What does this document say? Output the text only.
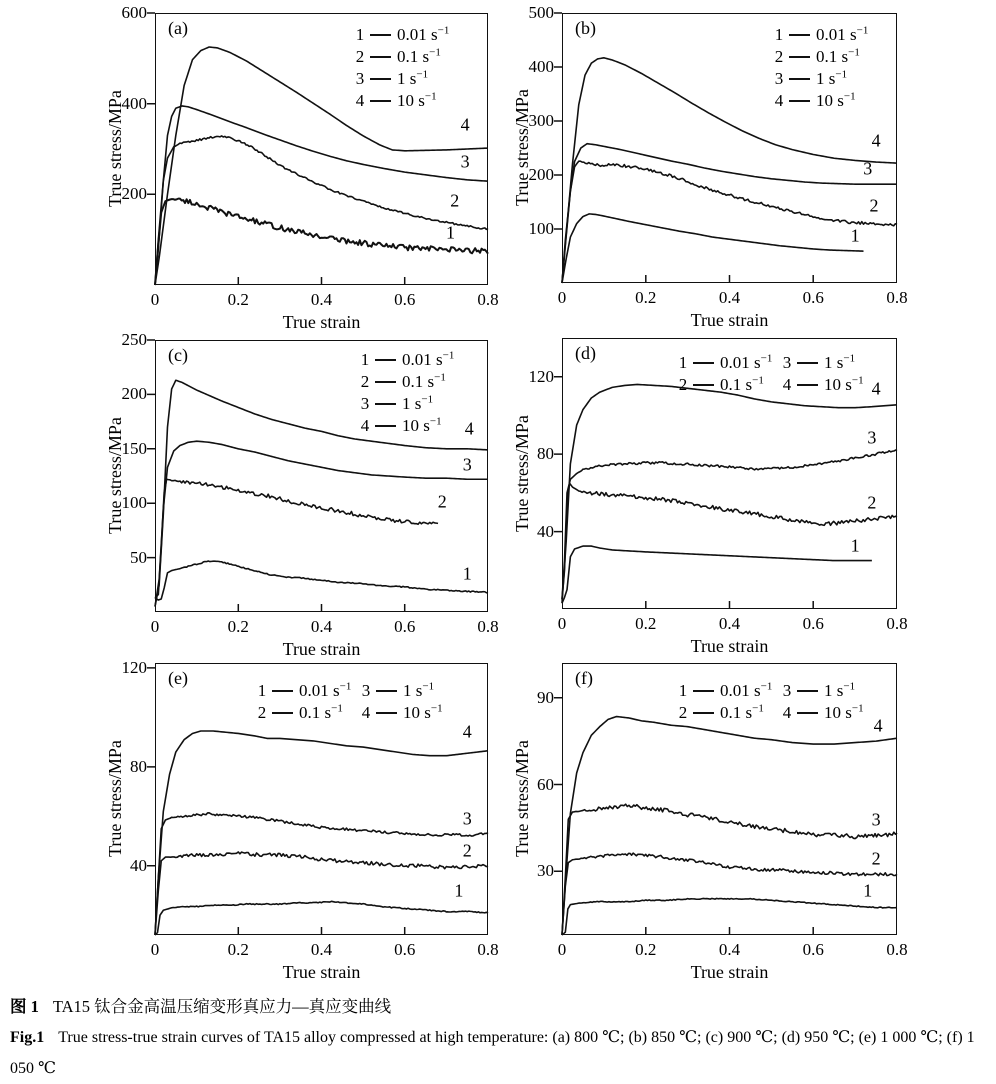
200
400
600
0	0.2	0.4	0.6	0.8
True strain
True stress/MPa
(a)	1 0.01 $s^{-1}$
2 0.1 $s^{-1}$
3 1 $s^{-1}$
4 10 $s^{-1}$
1
2
3
4
100
200
300
400
500
0	0.2	0.4	0.6	0.8
True strain
True stress/MPa
(b)	1 0.01 $s^{-1}$
2 0.1 $s^{-1}$
3 1 $s^{-1}$
4 10 $s^{-1}$
1
2
3
4
50
100
150
200
250
0	0.2	0.4	0.6	0.8
True strain
True stress/MPa
(c)	1 0.01 $s^{-1}$
2 0.1 $s^{-1}$
3 1 $s^{-1}$
4 10 $s^{-1}$
1
2
3
4
40
80
120
0	0.2	0.4	0.6	0.8
True strain
True stress/MPa
(d)	1 0.01 $s^{-1}$
2 0.1 $s^{-1}$
3 1 $s^{-1}$
4 10 $s^{-1}$
1
2
3
4
40
80
120
0	0.2	0.4	0.6	0.8
True strain
True stress/MPa
(e)
1 0.01 $s^{-1}$
2 0.1 $s^{-1}$
3 1 $s^{-1}$
4 10 $s^{-1}$
1
2
3
4
30
60
90
0	0.2	0.4	0.6	0.8
True strain
True stress/MPa
(f)
1 0.01 $s^{-1}$
2 0.1 $s^{-1}$
3 1 $s^{-1}$
4 10 $s^{-1}$
1
2
3
4

图 1 TA15 钛合金高温压缩变形真应力—真应变曲线

Fig.1 True stress-true strain curves of TA15 alloy compressed at high temperature: (a) 800 ℃; (b) 850 ℃; (c) 900 ℃; (d) 950 ℃; (e) 1 000 ℃; (f) 1 050 ℃
